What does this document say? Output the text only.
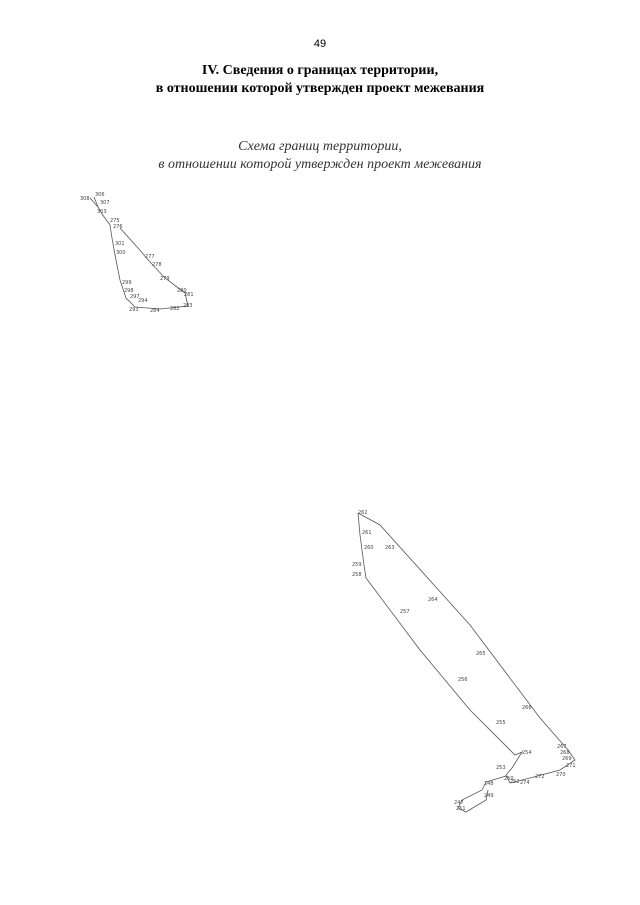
49
IV. Сведения о границах территории,
в отношении которой утвержден проект межевания
Схема границ территории,
в отношении которой утвержден проект межевания
308
306
307
303
275
276
301
300
277
278
279
299
280
298
281
297
294
283
293 284 282
262
261
260 263
259
258
264
257
265
256
266
255
254
267
253
268
269
250
274
272
271
270
248
247
249
251
252
